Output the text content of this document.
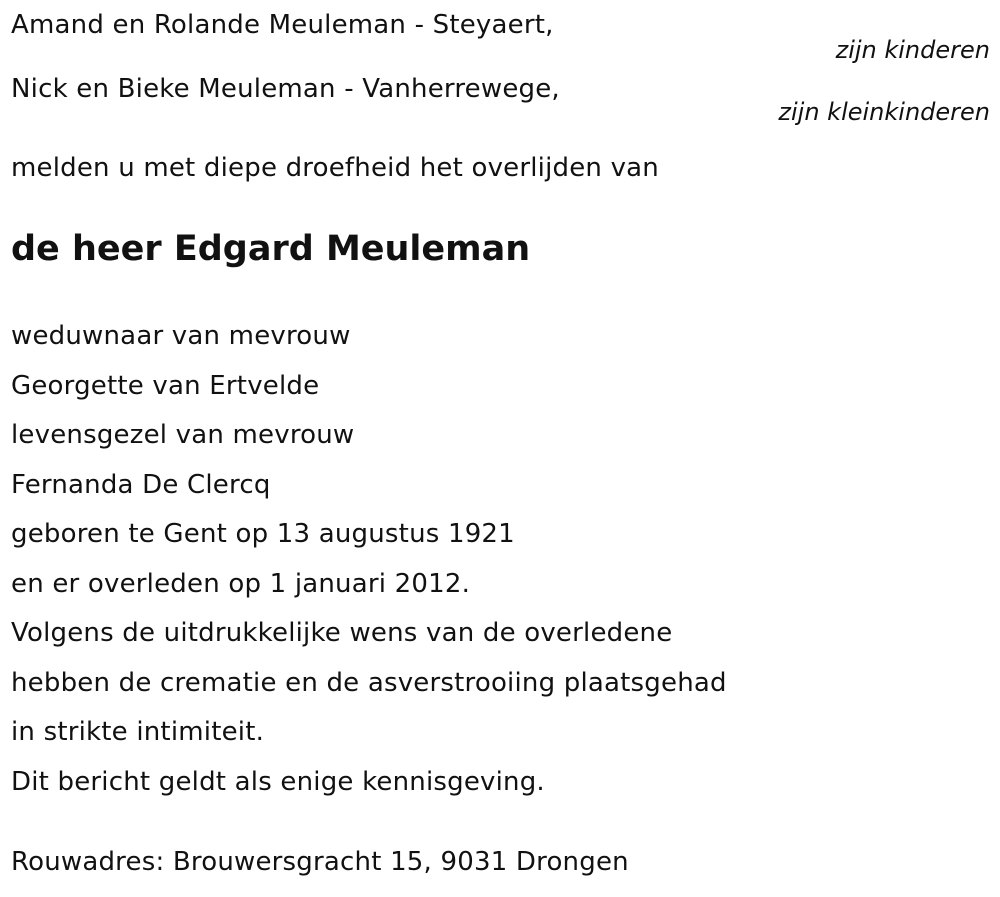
Amand en Rolande Meuleman - Steyaert,
zijn kinderen
Nick en Bieke Meuleman - Vanherrewege,
zijn kleinkinderen
melden u met diepe droefheid het overlijden van
de heer Edgard Meuleman
weduwnaar van mevrouw
Georgette van Ertvelde
levensgezel van mevrouw
Fernanda De Clercq
geboren te Gent op 13 augustus 1921
en er overleden op 1 januari 2012.
Volgens de uitdrukkelijke wens van de overledene
hebben de crematie en de asverstrooiing plaatsgehad
in strikte intimiteit.
Dit bericht geldt als enige kennisgeving.
Rouwadres: Brouwersgracht 15, 9031 Drongen
